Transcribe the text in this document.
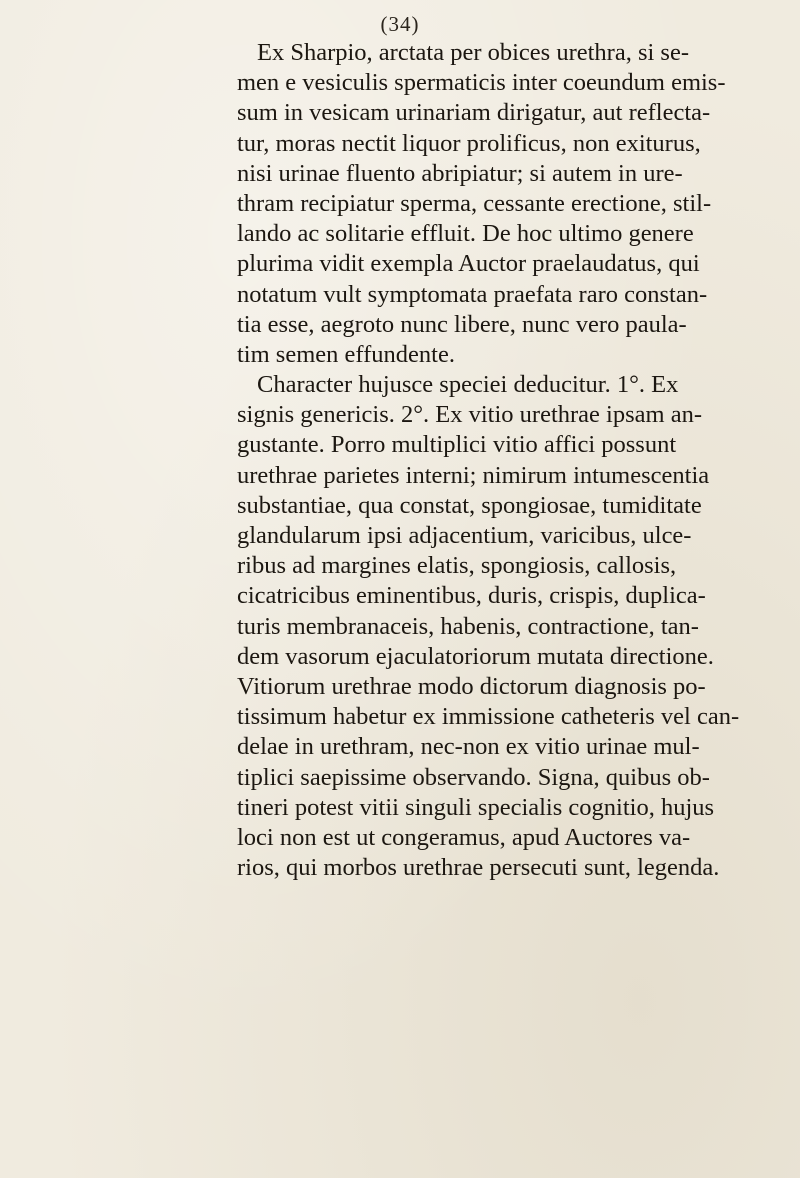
(34)
Ex Sharpio, arctata per obices urethra, si se-
men e vesiculis spermaticis inter coeundum emis-
sum in vesicam urinariam dirigatur, aut reflecta-
tur, moras nectit liquor prolificus, non exiturus,
nisi urinae fluento abripiatur; si autem in ure-
thram recipiatur sperma, cessante erectione, stil-
lando ac solitarie effluit. De hoc ultimo genere
plurima vidit exempla Auctor praelaudatus, qui
notatum vult symptomata praefata raro constan-
tia esse, aegroto nunc libere, nunc vero paula-
tim semen effundente.
Character hujusce speciei deducitur. 1°. Ex
signis genericis. 2°. Ex vitio urethrae ipsam an-
gustante. Porro multiplici vitio affici possunt
urethrae parietes interni; nimirum intumescentia
substantiae, qua constat, spongiosae, tumiditate
glandularum ipsi adjacentium, varicibus, ulce-
ribus ad margines elatis, spongiosis, callosis,
cicatricibus eminentibus, duris, crispis, duplica-
turis membranaceis, habenis, contractione, tan-
dem vasorum ejaculatoriorum mutata directione.
Vitiorum urethrae modo dictorum diagnosis po-
tissimum habetur ex immissione catheteris vel can-
delae in urethram, nec-non ex vitio urinae mul-
tiplici saepissime observando. Signa, quibus ob-
tineri potest vitii singuli specialis cognitio, hujus
loci non est ut congeramus, apud Auctores va-
rios, qui morbos urethrae persecuti sunt, legenda.
